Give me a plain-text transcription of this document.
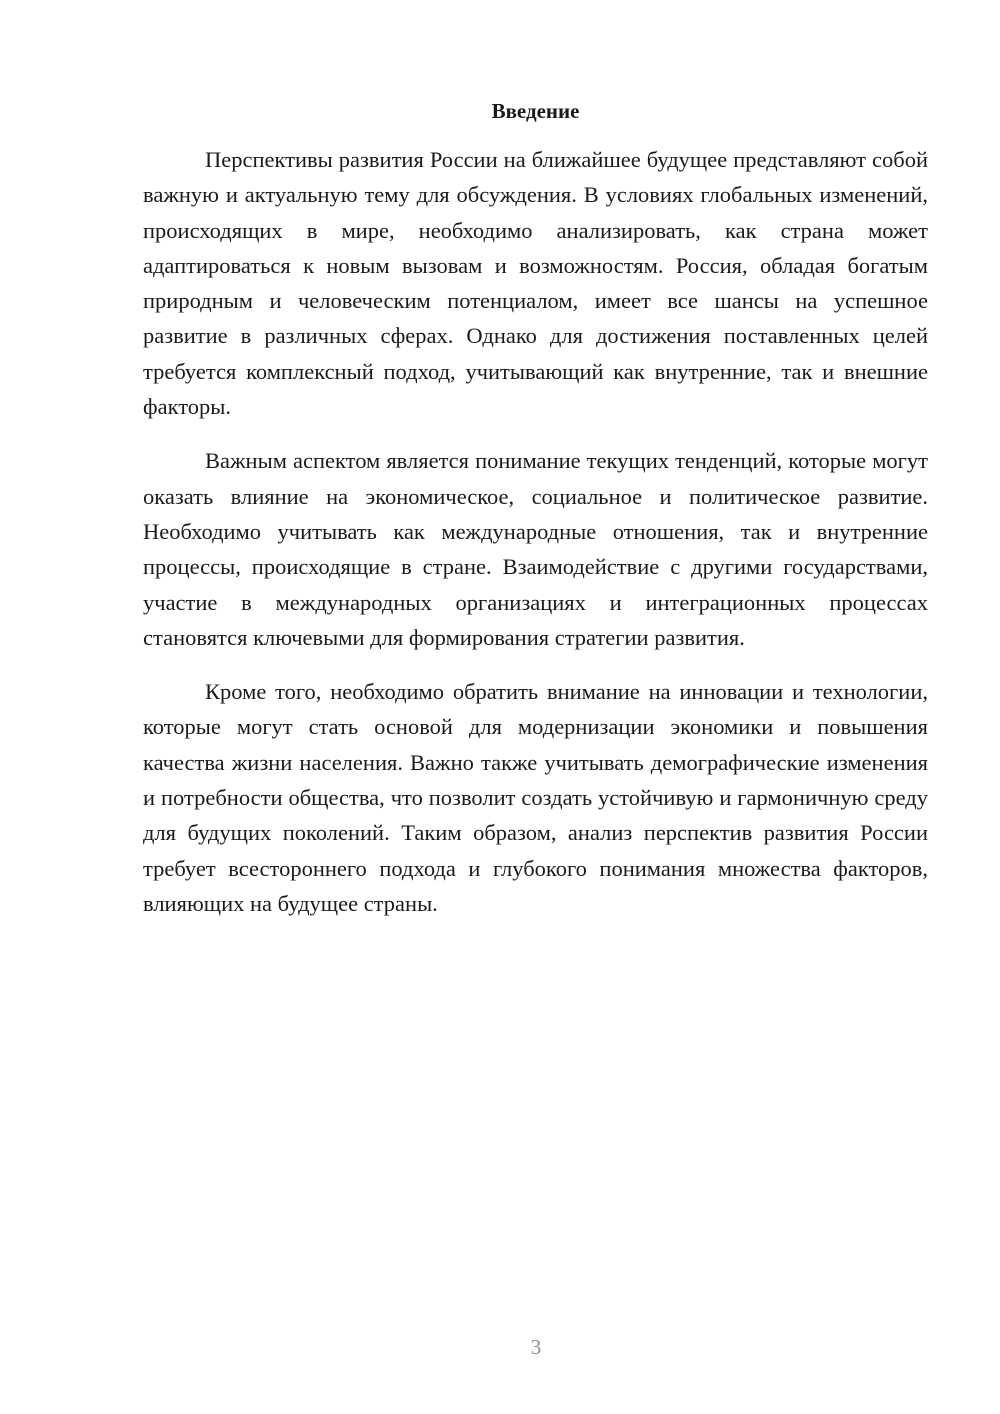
Введение

Перспективы развития России на ближайшее будущее представляют собой важную и актуальную тему для обсуждения. В условиях глобальных изменений, происходящих в мире, необходимо анализировать, как страна может адаптироваться к новым вызовам и возможностям. Россия, обладая богатым природным и человеческим потенциалом, имеет все шансы на успешное развитие в различных сферах. Однако для достижения поставленных целей требуется комплексный подход, учитывающий как внутренние, так и внешние факторы.

Важным аспектом является понимание текущих тенденций, которые могут оказать влияние на экономическое, социальное и политическое развитие. Необходимо учитывать как международные отношения, так и внутренние процессы, происходящие в стране. Взаимодействие с другими государствами, участие в международных организациях и интеграционных процессах становятся ключевыми для формирования стратегии развития.

Кроме того, необходимо обратить внимание на инновации и технологии, которые могут стать основой для модернизации экономики и повышения качества жизни населения. Важно также учитывать демографические изменения и потребности общества, что позволит создать устойчивую и гармоничную среду для будущих поколений. Таким образом, анализ перспектив развития России требует всестороннего подхода и глубокого понимания множества факторов, влияющих на будущее страны.

3
